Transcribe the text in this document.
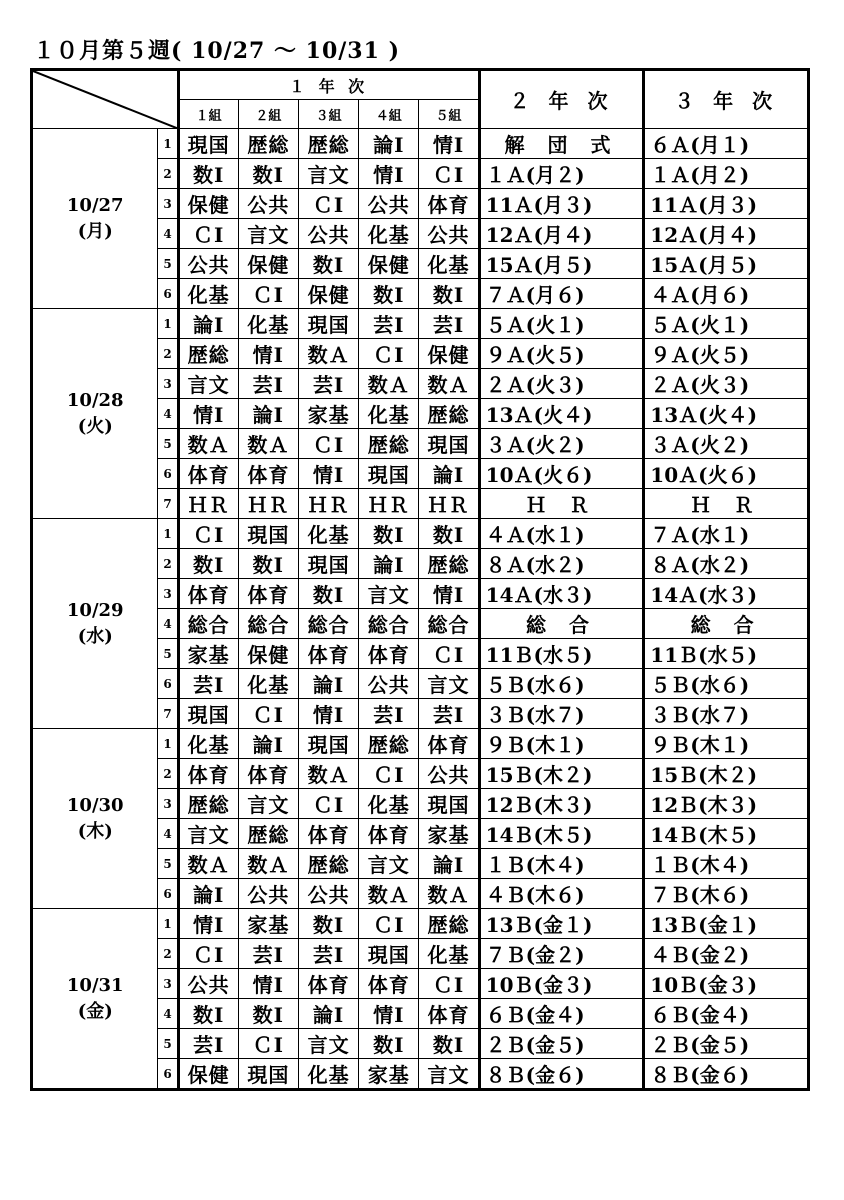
１０月第５週( 10/27 ～ 10/31 )
	１ 年 次					２ 年 次	３ 年 次
		１組	２組	３組	４組	５組		

10/27
(月)	1	現国	歴総	歴総	論Ⅰ	情Ⅰ	解 団 式	６Ａ(月１)
	2	数Ⅰ	数Ⅰ	言文	情Ⅰ	ＣⅠ	１Ａ(月２)	１Ａ(月２)
	3	保健	公共	ＣⅠ	公共	体育	11Ａ(月３)	11Ａ(月３)
	4	ＣⅠ	言文	公共	化基	公共	12Ａ(月４)	12Ａ(月４)
	5	公共	保健	数Ⅰ	保健	化基	15Ａ(月５)	15Ａ(月５)
	6	化基	ＣⅠ	保健	数Ⅰ	数Ⅰ	７Ａ(月６)	４Ａ(月６)

10/28
(火)	1	論Ⅰ	化基	現国	芸Ⅰ	芸Ⅰ	５Ａ(火１)	５Ａ(火１)
	2	歴総	情Ⅰ	数Ａ	ＣⅠ	保健	９Ａ(火５)	９Ａ(火５)
	3	言文	芸Ⅰ	芸Ⅰ	数Ａ	数Ａ	２Ａ(火３)	２Ａ(火３)
	4	情Ⅰ	論Ⅰ	家基	化基	歴総	13Ａ(火４)	13Ａ(火４)
	5	数Ａ	数Ａ	ＣⅠ	歴総	現国	３Ａ(火２)	３Ａ(火２)
	6	体育	体育	情Ⅰ	現国	論Ⅰ	10Ａ(火６)	10Ａ(火６)
	7	ＨＲ	ＨＲ	ＨＲ	ＨＲ	ＨＲ	Ｈ Ｒ	Ｈ Ｒ

10/29
(水)	1	ＣⅠ	現国	化基	数Ⅰ	数Ⅰ	４Ａ(水１)	７Ａ(水１)
	2	数Ⅰ	数Ⅰ	現国	論Ⅰ	歴総	８Ａ(水２)	８Ａ(水２)
	3	体育	体育	数Ⅰ	言文	情Ⅰ	14Ａ(水３)	14Ａ(水３)
	4	総合	総合	総合	総合	総合	総 合	総 合
	5	家基	保健	体育	体育	ＣⅠ	11Ｂ(水５)	11Ｂ(水５)
	6	芸Ⅰ	化基	論Ⅰ	公共	言文	５Ｂ(水６)	５Ｂ(水６)
	7	現国	ＣⅠ	情Ⅰ	芸Ⅰ	芸Ⅰ	３Ｂ(水７)	３Ｂ(水７)

10/30
(木)	1	化基	論Ⅰ	現国	歴総	体育	９Ｂ(木１)	９Ｂ(木１)
	2	体育	体育	数Ａ	ＣⅠ	公共	15Ｂ(木２)	15Ｂ(木２)
	3	歴総	言文	ＣⅠ	化基	現国	12Ｂ(木３)	12Ｂ(木３)
	4	言文	歴総	体育	体育	家基	14Ｂ(木５)	14Ｂ(木５)
	5	数Ａ	数Ａ	歴総	言文	論Ⅰ	１Ｂ(木４)	１Ｂ(木４)
	6	論Ⅰ	公共	公共	数Ａ	数Ａ	４Ｂ(木６)	７Ｂ(木６)

10/31
(金)	1	情Ⅰ	家基	数Ⅰ	ＣⅠ	歴総	13Ｂ(金１)	13Ｂ(金１)
	2	ＣⅠ	芸Ⅰ	芸Ⅰ	現国	化基	７Ｂ(金２)	４Ｂ(金２)
	3	公共	情Ⅰ	体育	体育	ＣⅠ	10Ｂ(金３)	10Ｂ(金３)
	4	数Ⅰ	数Ⅰ	論Ⅰ	情Ⅰ	体育	６Ｂ(金４)	６Ｂ(金４)
	5	芸Ⅰ	ＣⅠ	言文	数Ⅰ	数Ⅰ	２Ｂ(金５)	２Ｂ(金５)
	6	保健	現国	化基	家基	言文	８Ｂ(金６)	８Ｂ(金６)
